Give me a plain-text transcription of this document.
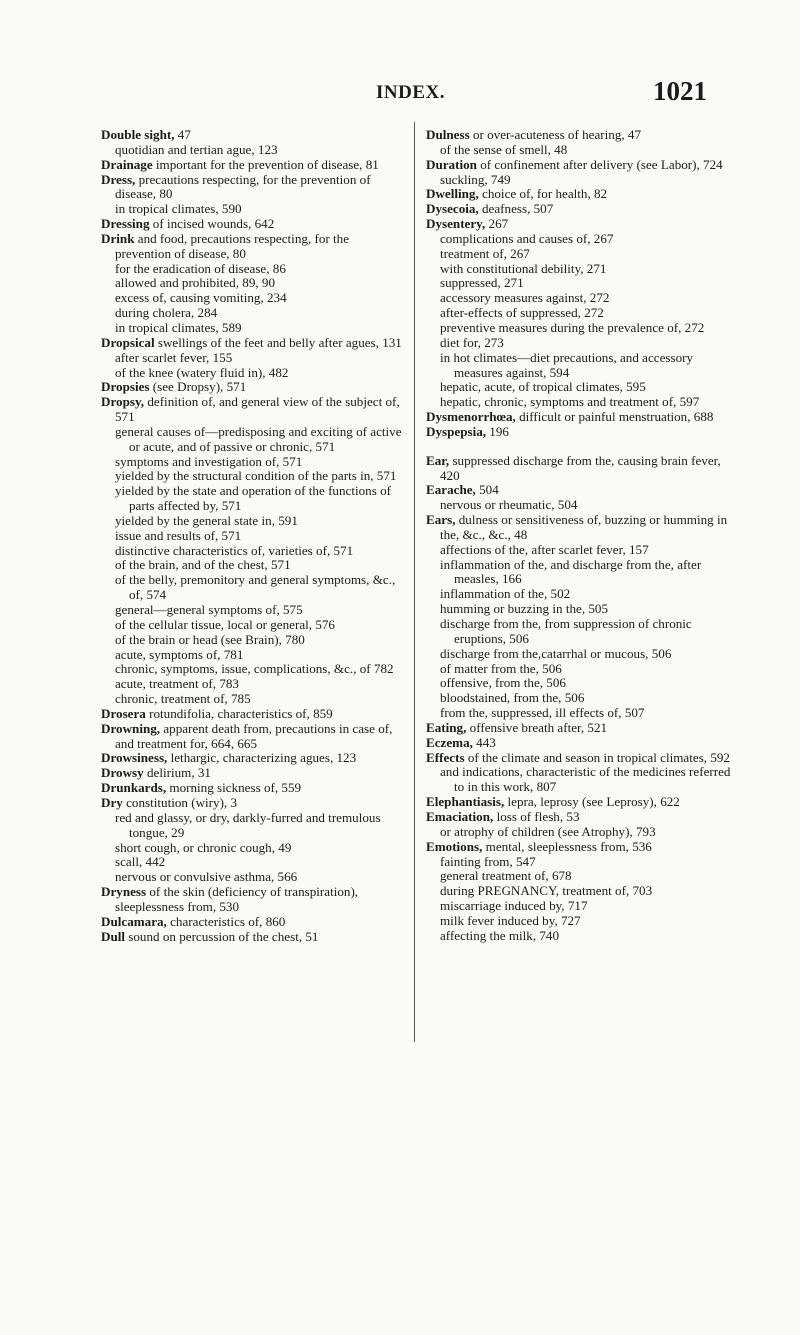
INDEX.	1021
Double sight, 47
quotidian and tertian ague, 123
Drainage important for the prevention of disease, 81
Dress, precautions respecting, for the prevention of disease, 80
in tropical climates, 590
Dressing of incised wounds, 642
Drink and food, precautions respecting, for the prevention of disease, 80
for the eradication of disease, 86
allowed and prohibited, 89, 90
excess of, causing vomiting, 234
during cholera, 284
in tropical climates, 589
Dropsical swellings of the feet and belly after agues, 131
after scarlet fever, 155
of the knee (watery fluid in), 482
Dropsies (see Dropsy), 571
Dropsy, definition of, and general view of the subject of, 571
general causes of—predisposing and exciting of active or acute, and of passive or chronic, 571
symptoms and investigation of, 571
yielded by the structural condition of the parts in, 571
yielded by the state and operation of the functions of parts affected by, 571
yielded by the general state in, 591
issue and results of, 571
distinctive characteristics of, varieties of, 571
of the brain, and of the chest, 571
of the belly, premonitory and general symptoms, &c., of, 574
general—general symptoms of, 575
of the cellular tissue, local or general, 576
of the brain or head (see Brain), 780
acute, symptoms of, 781
chronic, symptoms, issue, complications, &c., of 782
acute, treatment of, 783
chronic, treatment of, 785
Drosera rotundifolia, characteristics of, 859
Drowning, apparent death from, precautions in case of, and treatment for, 664, 665
Drowsiness, lethargic, characterizing agues, 123
Drowsy delirium, 31
Drunkards, morning sickness of, 559
Dry constitution (wiry), 3
red and glassy, or dry, darkly-furred and tremulous tongue, 29
short cough, or chronic cough, 49
scall, 442
nervous or convulsive asthma, 566
Dryness of the skin (deficiency of transpiration), sleeplessness from, 530
Dulcamara, characteristics of, 860
Dull sound on percussion of the chest, 51
Dulness or over-acuteness of hearing, 47
of the sense of smell, 48
Duration of confinement after delivery (see Labor), 724
suckling, 749
Dwelling, choice of, for health, 82
Dysecoia, deafness, 507
Dysentery, 267
complications and causes of, 267
treatment of, 267
with constitutional debility, 271
suppressed, 271
accessory measures against, 272
after-effects of suppressed, 272
preventive measures during the prevalence of, 272
diet for, 273
in hot climates—diet precautions, and accessory measures against, 594
hepatic, acute, of tropical climates, 595
hepatic, chronic, symptoms and treatment of, 597
Dysmenorrhœa, difficult or painful menstruation, 688
Dyspepsia, 196
Ear, suppressed discharge from the, causing brain fever, 420
Earache, 504
nervous or rheumatic, 504
Ears, dulness or sensitiveness of, buzzing or humming in the, &c., &c., 48
affections of the, after scarlet fever, 157
inflammation of the, and discharge from the, after measles, 166
inflammation of the, 502
humming or buzzing in the, 505
discharge from the, from suppression of chronic eruptions, 506
discharge from the,catarrhal or mucous, 506
of matter from the, 506
offensive, from the, 506
bloodstained, from the, 506
from the, suppressed, ill effects of, 507
Eating, offensive breath after, 521
Eczema, 443
Effects of the climate and season in tropical climates, 592
and indications, characteristic of the medicines referred to in this work, 807
Elephantiasis, lepra, leprosy (see Leprosy), 622
Emaciation, loss of flesh, 53
or atrophy of children (see Atrophy), 793
Emotions, mental, sleeplessness from, 536
fainting from, 547
general treatment of, 678
during PREGNANCY, treatment of, 703
miscarriage induced by, 717
milk fever induced by, 727
affecting the milk, 740
